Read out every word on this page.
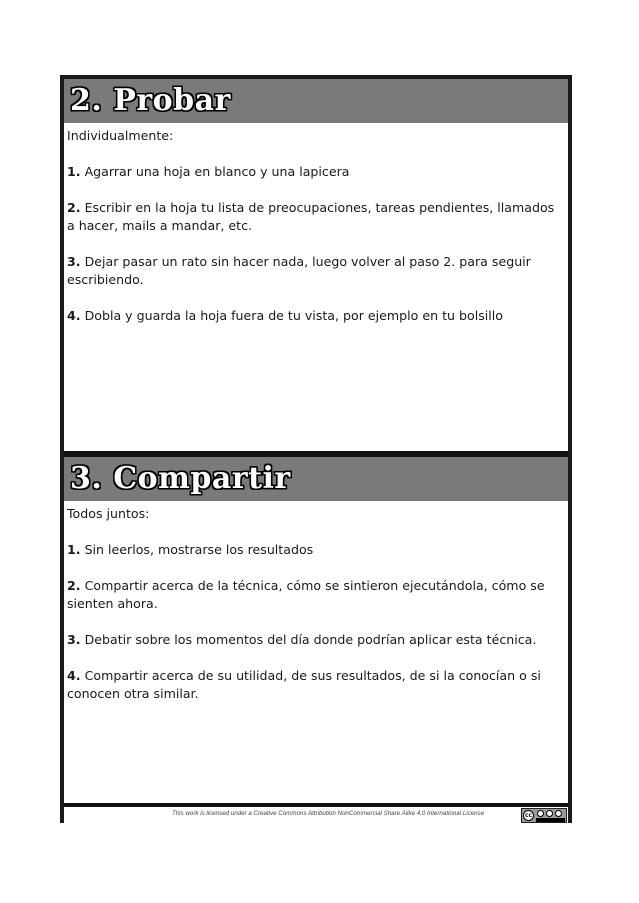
2. Probar

Individualmente:

1. Agarrar una hoja en blanco y una lapicera

2. Escribir en la hoja tu lista de preocupaciones, tareas pendientes, llamados a hacer, mails a mandar, etc.

3. Dejar pasar un rato sin hacer nada, luego volver al paso 2. para seguir escribiendo.

4. Dobla y guarda la hoja fuera de tu vista, por ejemplo en tu bolsillo

3. Compartir

Todos juntos:

1. Sin leerlos, mostrarse los resultados

2. Compartir acerca de la técnica, cómo se sintieron ejecutándola, cómo se sienten ahora.

3. Debatir sobre los momentos del día donde podrían aplicar esta técnica.

4. Compartir acerca de su utilidad, de sus resultados, de si la conocían o si conocen otra similar.

This work is licensed under a Creative Commons Attribution NonCommercial Share Alike 4.0 International License	cc
